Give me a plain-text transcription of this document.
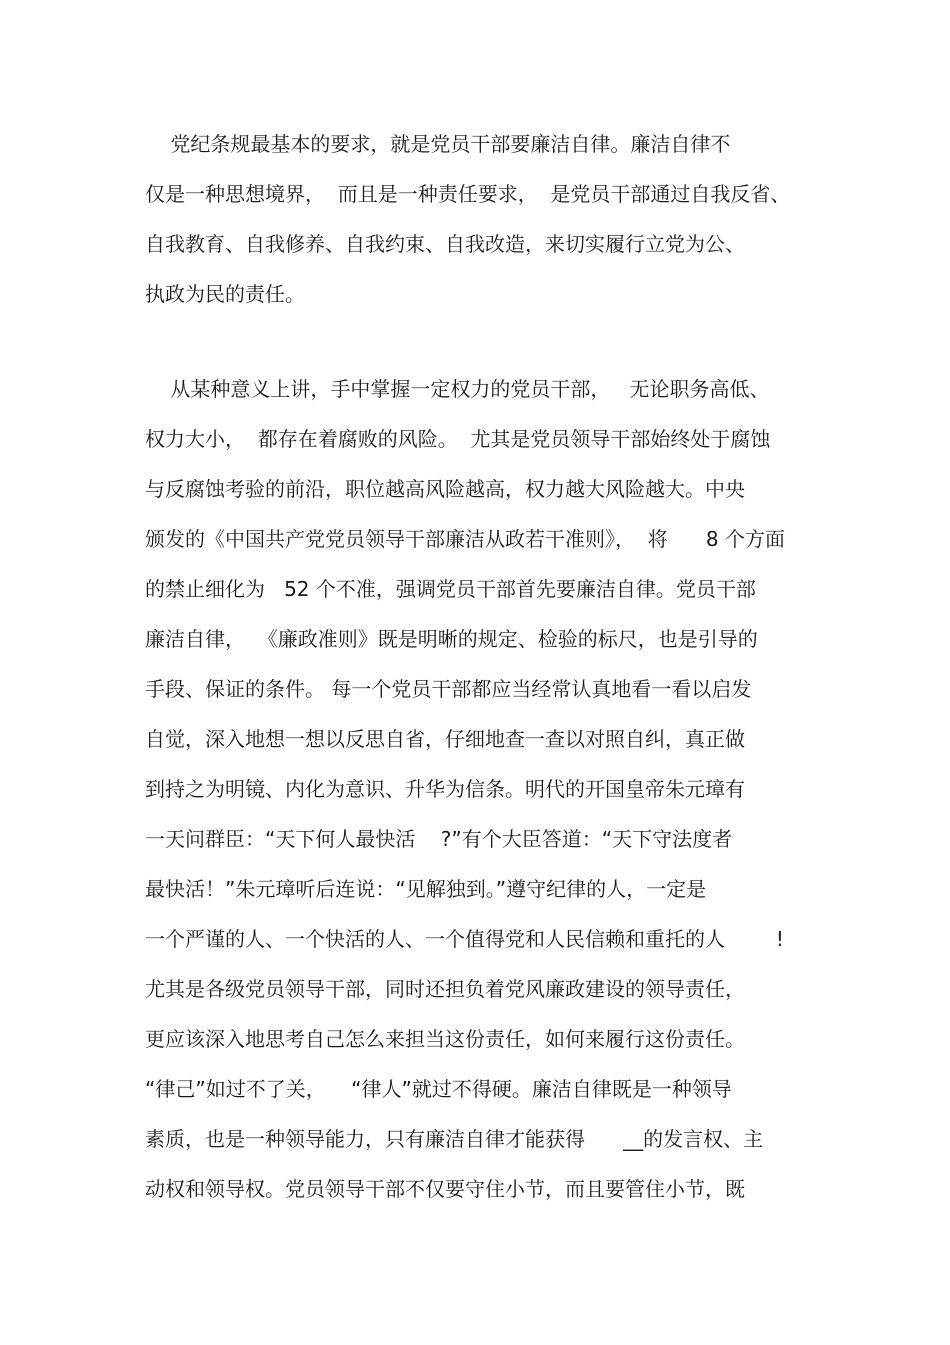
党纪条规最基本的要求，就是党员干部要廉洁自律。廉洁自律不
仅是一种思想境界，  而且是一种责任要求，  是党员干部通过自我反省、
自我教育、自我修养、自我约束、自我改造，来切实履行立党为公、
执政为民的责任。
从某种意义上讲，手中掌握一定权力的党员干部，   无论职务高低、
权力大小，  都存在着腐败的风险。  尤其是党员领导干部始终处于腐蚀
与反腐蚀考验的前沿，职位越高风险越高，权力越大风险越大。中央
颁发的《中国共产党党员领导干部廉洁从政若干准则》，  将      8 个方面
的禁止细化为   52 个不准，强调党员干部首先要廉洁自律。党员干部
廉洁自律，  《廉政准则》既是明晰的规定、检验的标尺，也是引导的
手段、保证的条件。 每一个党员干部都应当经常认真地看一看以启发
自觉，深入地想一想以反思自省，仔细地查一查以对照自纠，真正做
到持之为明镜、内化为意识、升华为信条。明代的开国皇帝朱元璋有
一天问群臣：“天下何人最快活    ?”有个大臣答道：“天下守法度者
最快活！”朱元璋听后连说：“见解独到。”遵守纪律的人，一定是
一个严谨的人、一个快活的人、一个值得党和人民信赖和重托的人        !
尤其是各级党员领导干部，同时还担负着党风廉政建设的领导责任，
更应该深入地思考自己怎么来担当这份责任，如何来履行这份责任。
“律己”如过不了关，    “律人”就过不得硬。廉洁自律既是一种领导
素质，也是一种领导能力，只有廉洁自律才能获得      __的发言权、主
动权和领导权。党员领导干部不仅要守住小节，而且要管住小节，既
